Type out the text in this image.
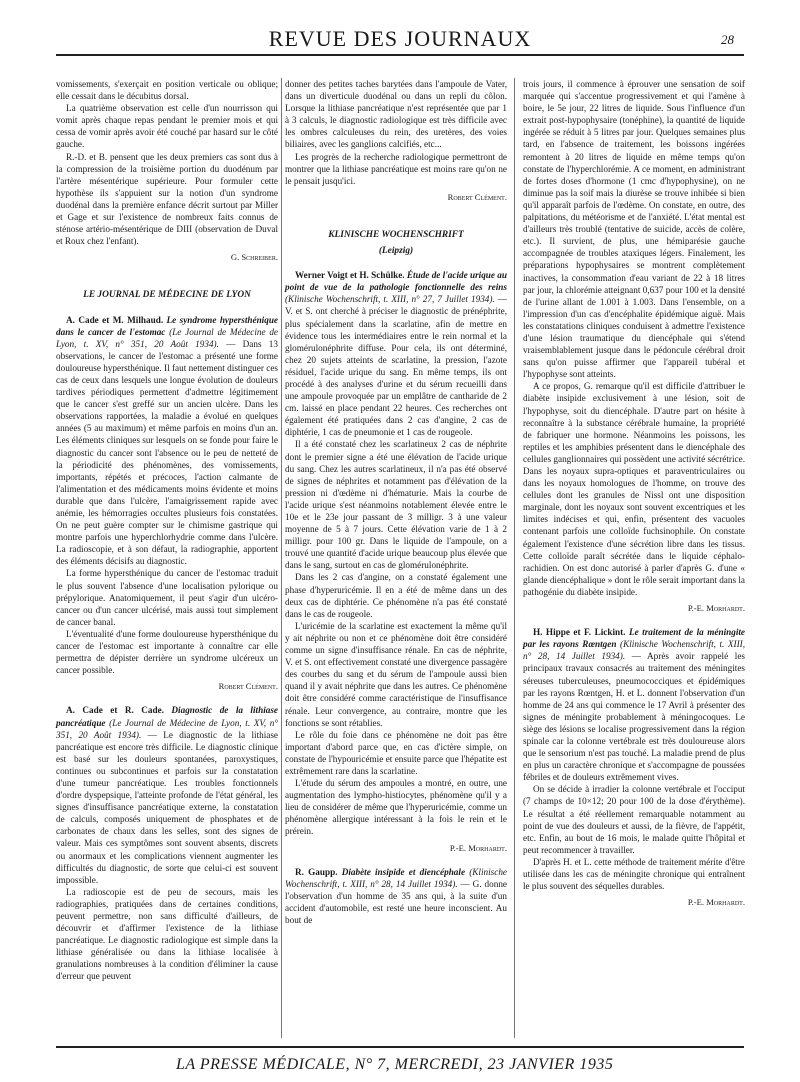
REVUE DES JOURNAUX	28

vomissements, s'exerçait en position verticale ou oblique; elle cessait dans le décubitus dorsal.

La quatrième observation est celle d'un nourrisson qui vomit après chaque repas pendant le premier mois et qui cessa de vomir après avoir été couché par hasard sur le côté gauche.

R.-D. et B. pensent que les deux premiers cas sont dus à la compression de la troisième portion du duodénum par l'artère mésentérique supérieure. Pour formuler cette hypothèse ils s'appuient sur la notion d'un syndrome duodénal dans la première enfance décrit surtout par Miller et Gage et sur l'existence de nombreux faits connus de sténose artério-mésentérique de DIII (observation de Duval et Roux chez l'enfant).

G. Schreiber.

LE JOURNAL DE MÉDECINE DE LYON

A. Cade et M. Milhaud. Le syndrome hypersthénique dans le cancer de l'estomac (Le Journal de Médecine de Lyon, t. XV, n° 351, 20 Août 1934). — Dans 13 observations, le cancer de l'estomac a présenté une forme douloureuse hypersthénique. Il faut nettement distinguer ces cas de ceux dans lesquels une longue évolution de douleurs tardives périodiques permettent d'admettre légitimement que le cancer s'est greffé sur un ancien ulcère. Dans les observations rapportées, la maladie a évolué en quelques années (5 au maximum) et même parfois en moins d'un an. Les éléments cliniques sur lesquels on se fonde pour faire le diagnostic du cancer sont l'absence ou le peu de netteté de la périodicité des phénomènes, des vomissements, importants, répétés et précoces, l'action calmante de l'alimentation et des médicaments moins évidente et moins durable que dans l'ulcère, l'amaigrissement rapide avec anémie, les hémorragies occultes plusieurs fois constatées. On ne peut guère compter sur le chimisme gastrique qui montre parfois une hyperchlorhydrie comme dans l'ulcère. La radioscopie, et à son défaut, la radiographie, apportent des éléments décisifs au diagnostic.

La forme hypersthénique du cancer de l'estomac traduit le plus souvent l'absence d'une localisation pylorique ou prépylorique. Anatomiquement, il peut s'agir d'un ulcéro-cancer ou d'un cancer ulcérisé, mais aussi tout simplement de cancer banal.

L'éventualité d'une forme douloureuse hypersthénique du cancer de l'estomac est importante à connaître car elle permettra de dépister derrière un syndrome ulcéreux un cancer possible.

Robert Clément.

A. Cade et R. Cade. Diagnostic de la lithiase pancréatique (Le Journal de Médecine de Lyon, t. XV, n° 351, 20 Août 1934). — Le diagnostic de la lithiase pancréatique est encore très difficile. Le diagnostic clinique est basé sur les douleurs spontanées, paroxystiques, continues ou subcontinues et parfois sur la constatation d'une tumeur pancréatique. Les troubles fonctionnels d'ordre dyspepsique, l'atteinte profonde de l'état général, les signes d'insuffisance pancréatique externe, la constatation de calculs, composés uniquement de phosphates et de carbonates de chaux dans les selles, sont des signes de valeur. Mais ces symptômes sont souvent absents, discrets ou anormaux et les complications viennent augmenter les difficultés du diagnostic, de sorte que celui-ci est souvent impossible.

La radioscopie est de peu de secours, mais les radiographies, pratiquées dans de certaines conditions, peuvent permettre, non sans difficulté d'ailleurs, de découvrir et d'affirmer l'existence de la lithiase pancréatique. Le diagnostic radiologique est simple dans la lithiase généralisée ou dans la lithiase localisée à granulations nombreuses à la condition d'éliminer la cause d'erreur que peuvent

donner des petites taches barytées dans l'ampoule de Vater, dans un diverticule duodénal ou dans un repli du côlon. Lorsque la lithiase pancréatique n'est représentée que par 1 à 3 calculs, le diagnostic radiologique est très difficile avec les ombres calculeuses du rein, des uretères, des voies biliaires, avec les ganglions calcifiés, etc...

Les progrès de la recherche radiologique permettront de montrer que la lithiase pancréatique est moins rare qu'on ne le pensait jusqu'ici.

Robert Clément.

KLINISCHE WOCHENSCHRIFT
(Leipzig)

Werner Voigt et H. Schülke. Étude de l'acide urique au point de vue de la pathologie fonctionnelle des reins (Klinische Wochenschrift, t. XIII, n° 27, 7 Juillet 1934). — V. et S. ont cherché à préciser le diagnostic de prénéphrite, plus spécialement dans la scarlatine, afin de mettre en évidence tous les intermédiaires entre le rein normal et la glomérulonéphrite diffuse. Pour cela, ils ont déterminé, chez 20 sujets atteints de scarlatine, la pression, l'azote résiduel, l'acide urique du sang. En même temps, ils ont procédé à des analyses d'urine et du sérum recueilli dans une ampoule provoquée par un emplâtre de cantharide de 2 cm. laissé en place pendant 22 heures. Ces recherches ont également été pratiquées dans 2 cas d'angine, 2 cas de diphtérie, 1 cas de pneumonie et 1 cas de rougeole.

Il a été constaté chez les scarlatineux 2 cas de néphrite dont le premier signe a été une élévation de l'acide urique du sang. Chez les autres scarlatineux, il n'a pas été observé de signes de néphrites et notamment pas d'élévation de la pression ni d'œdème ni d'hématurie. Mais la courbe de l'acide urique s'est néanmoins notablement élevée entre le 10e et le 23e jour passant de 3 milligr. 3 à une valeur moyenne de 5 à 7 jours. Cette élévation varie de 1 à 2 milligr. pour 100 gr. Dans le liquide de l'ampoule, on a trouvé une quantité d'acide urique beaucoup plus élevée que dans le sang, surtout en cas de glomérulonéphrite.

Dans les 2 cas d'angine, on a constaté également une phase d'hyperuricémie. Il en a été de même dans un des deux cas de diphtérie. Ce phénomène n'a pas été constaté dans le cas de rougeole.

L'uricémie de la scarlatine est exactement la même qu'il y ait néphrite ou non et ce phénomène doit être considéré comme un signe d'insuffisance rénale. En cas de néphrite, V. et S. ont effectivement constaté une divergence passagère des courbes du sang et du sérum de l'ampoule aussi bien quand il y avait néphrite que dans les autres. Ce phénomène doit être considéré comme caractéristique de l'insuffisance rénale. Leur convergence, au contraire, montre que les fonctions se sont rétablies.

Le rôle du foie dans ce phénomène ne doit pas être important d'abord parce que, en cas d'ictère simple, on constate de l'hypouricémie et ensuite parce que l'hépatite est extrêmement rare dans la scarlatine.

L'étude du sérum des ampoules a montré, en outre, une augmentation des lympho-histiocytes, phénomène qu'il y a lieu de considérer de même que l'hyperuricémie, comme un phénomène allergique intéressant à la fois le rein et le prérein.

P.-E. Morhardt.

R. Gaupp. Diabète insipide et diencéphale (Klinische Wochenschrift, t. XIII, n° 28, 14 Juillet 1934). — G. donne l'observation d'un homme de 35 ans qui, à la suite d'un accident d'automobile, est resté une heure inconscient. Au bout de

trois jours, il commence à éprouver une sensation de soif marquée qui s'accentue progressivement et qui l'amène à boire, le 5e jour, 22 litres de liquide. Sous l'influence d'un extrait post-hypophysaire (tonéphine), la quantité de liquide ingérée se réduit à 5 litres par jour. Quelques semaines plus tard, en l'absence de traitement, les boissons ingérées remontent à 20 litres de liquide en même temps qu'on constate de l'hyperchlorémie. A ce moment, en administrant de fortes doses d'hormone (1 cmc d'hypophysine), on ne diminue pas la soif mais la diurèse se trouve inhibée si bien qu'il apparaît parfois de l'œdème. On constate, en outre, des palpitations, du météorisme et de l'anxiété. L'état mental est d'ailleurs très troublé (tentative de suicide, accès de colère, etc.). Il survient, de plus, une hémiparésie gauche accompagnée de troubles ataxiques légers. Finalement, les préparations hypophysaires se montrent complètement inactives, la consommation d'eau variant de 22 à 18 litres par jour, la chlorémie atteignant 0,637 pour 100 et la densité de l'urine allant de 1.001 à 1.003. Dans l'ensemble, on a l'impression d'un cas d'encéphalite épidémique aiguë. Mais les constatations cliniques conduisent à admettre l'existence d'une lésion traumatique du diencéphale qui s'étend vraisemblablement jusque dans le pédoncule cérébral droit sans qu'on puisse affirmer que l'appareil tubéral et l'hypophyse sont atteints.

A ce propos, G. remarque qu'il est difficile d'attribuer le diabète insipide exclusivement à une lésion, soit de l'hypophyse, soit du diencéphale. D'autre part on hésite à reconnaître à la substance cérébrale humaine, la propriété de fabriquer une hormone. Néanmoins les poissons, les reptiles et les amphibies présentent dans le diencéphale des cellules ganglionnaires qui possèdent une activité sécrétrice. Dans les noyaux supra-optiques et paraventriculaires ou dans les noyaux homologues de l'homme, on trouve des cellules dont les granules de Nissl ont une disposition marginale, dont les noyaux sont souvent excentriques et les limites indécises et qui, enfin, présentent des vacuoles contenant parfois une colloïde fuchsinophile. On constate également l'existence d'une sécrétion libre dans les tissus. Cette colloïde paraît sécrétée dans le liquide céphalo-rachidien. On est donc autorisé à parler d'après G. d'une « glande diencéphalique » dont le rôle serait important dans la pathogénie du diabète insipide.

P.-E. Morhardt.

H. Hippe et F. Lickint. Le traitement de la méningite par les rayons Rœntgen (Klinische Wochenschrift, t. XIII, n° 28, 14 Juillet 1934). — Après avoir rappelé les principaux travaux consacrés au traitement des méningites séreuses tuberculeuses, pneumococciques et épidémiques par les rayons Rœntgen, H. et L. donnent l'observation d'un homme de 24 ans qui commence le 17 Avril à présenter des signes de méningite probablement à méningocoques. Le siège des lésions se localise progressivement dans la région spinale car la colonne vertébrale est très douloureuse alors que le sensorium n'est pas touché. La maladie prend de plus en plus un caractère chronique et s'accompagne de poussées fébriles et de douleurs extrêmement vives.

On se décide à irradier la colonne vertébrale et l'occiput (7 champs de 10×12; 20 pour 100 de la dose d'érythème). Le résultat a été réellement remarquable notamment au point de vue des douleurs et aussi, de la fièvre, de l'appétit, etc. Enfin, au bout de 16 mois, le malade quitte l'hôpital et peut recommencer à travailler.

D'après H. et L. cette méthode de traitement mérite d'être utilisée dans les cas de méningite chronique qui entraînent le plus souvent des séquelles durables.

P.-E. Morhardt.

LA PRESSE MÉDICALE, N° 7, MERCREDI, 23 JANVIER 1935
